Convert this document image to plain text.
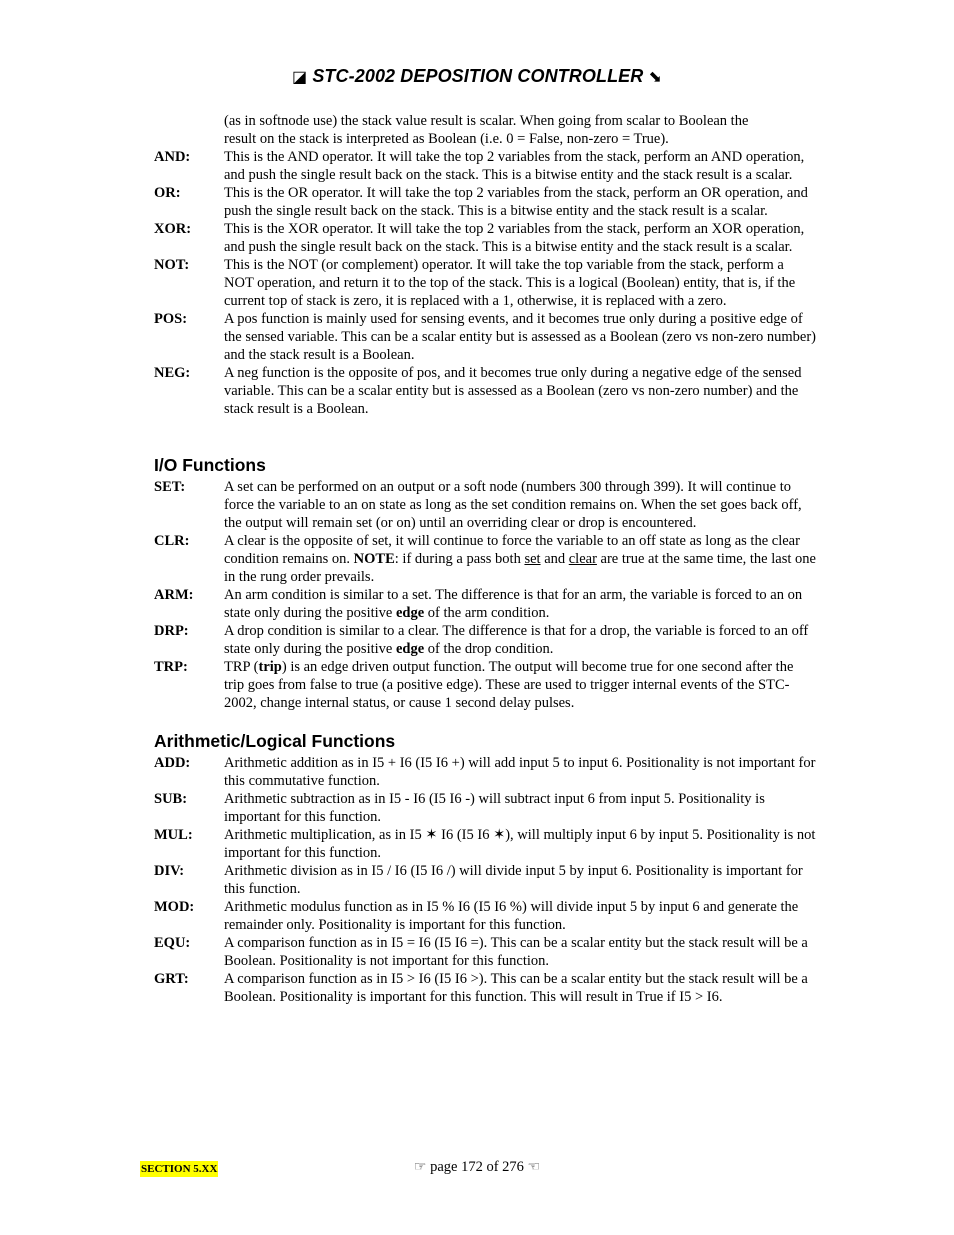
◪ STC-2002 DEPOSITION CONTROLLER ⬊
(as in softnode use) the stack value result is scalar. When going from scalar to Boolean the
result on the stack is interpreted as Boolean (i.e. 0 = False, non-zero = True).
AND:	This is the AND operator. It will take the top 2 variables from the stack, perform an AND operation, and push the single result back on the stack. This is a bitwise entity and the stack result is a scalar.
OR:	This is the OR operator. It will take the top 2 variables from the stack, perform an OR operation, and push the single result back on the stack. This is a bitwise entity and the stack result is a scalar.
XOR:	This is the XOR operator. It will take the top 2 variables from the stack, perform an XOR operation, and push the single result back on the stack. This is a bitwise entity and the stack result is a scalar.
NOT:	This is the NOT (or complement) operator. It will take the top variable from the stack, perform a NOT operation, and return it to the top of the stack. This is a logical (Boolean) entity, that is, if the current top of stack is zero, it is replaced with a 1, otherwise, it is replaced with a zero.
POS:	A pos function is mainly used for sensing events, and it becomes true only during a positive edge of the sensed variable. This can be a scalar entity but is assessed as a Boolean (zero vs non-zero number) and the stack result is a Boolean.
NEG:	A neg function is the opposite of pos, and it becomes true only during a negative edge of the sensed variable. This can be a scalar entity but is assessed as a Boolean (zero vs non-zero number) and the stack result is a Boolean.
I/O Functions
SET:	A set can be performed on an output or a soft node (numbers 300 through 399). It will continue to force the variable to an on state as long as the set condition remains on. When the set goes back off, the output will remain set (or on) until an overriding clear or drop is encountered.
CLR:	A clear is the opposite of set, it will continue to force the variable to an off state as long as the clear condition remains on. NOTE: if during a pass both set and clear are true at the same time, the last one in the rung order prevails.
ARM:	An arm condition is similar to a set. The difference is that for an arm, the variable is forced to an on state only during the positive edge of the arm condition.
DRP:	A drop condition is similar to a clear. The difference is that for a drop, the variable is forced to an off state only during the positive edge of the drop condition.
TRP:	TRP (trip) is an edge driven output function. The output will become true for one second after the trip goes from false to true (a positive edge). These are used to trigger internal events of the STC-2002, change internal status, or cause 1 second delay pulses.
Arithmetic/Logical Functions
ADD:	Arithmetic addition as in I5 + I6 (I5 I6 +) will add input 5 to input 6. Positionality is not important for this commutative function.
SUB:	Arithmetic subtraction as in I5 - I6 (I5 I6 -) will subtract input 6 from input 5. Positionality is important for this function.
MUL:	Arithmetic multiplication, as in I5 ✶ I6 (I5 I6 ✶), will multiply input 6 by input 5. Positionality is not important for this function.
DIV:	Arithmetic division as in I5 / I6 (I5 I6 /) will divide input 5 by input 6. Positionality is important for this function.
MOD:	Arithmetic modulus function as in I5 % I6 (I5 I6 %) will divide input 5 by input 6 and generate the remainder only. Positionality is important for this function.
EQU:	A comparison function as in I5 = I6 (I5 I6 =). This can be a scalar entity but the stack result will be a Boolean. Positionality is not important for this function.
GRT:	A comparison function as in I5 > I6 (I5 I6 >). This can be a scalar entity but the stack result will be a Boolean. Positionality is important for this function. This will result in True if I5 > I6.
SECTION 5.XX	☞ page 172 of 276 ☜
